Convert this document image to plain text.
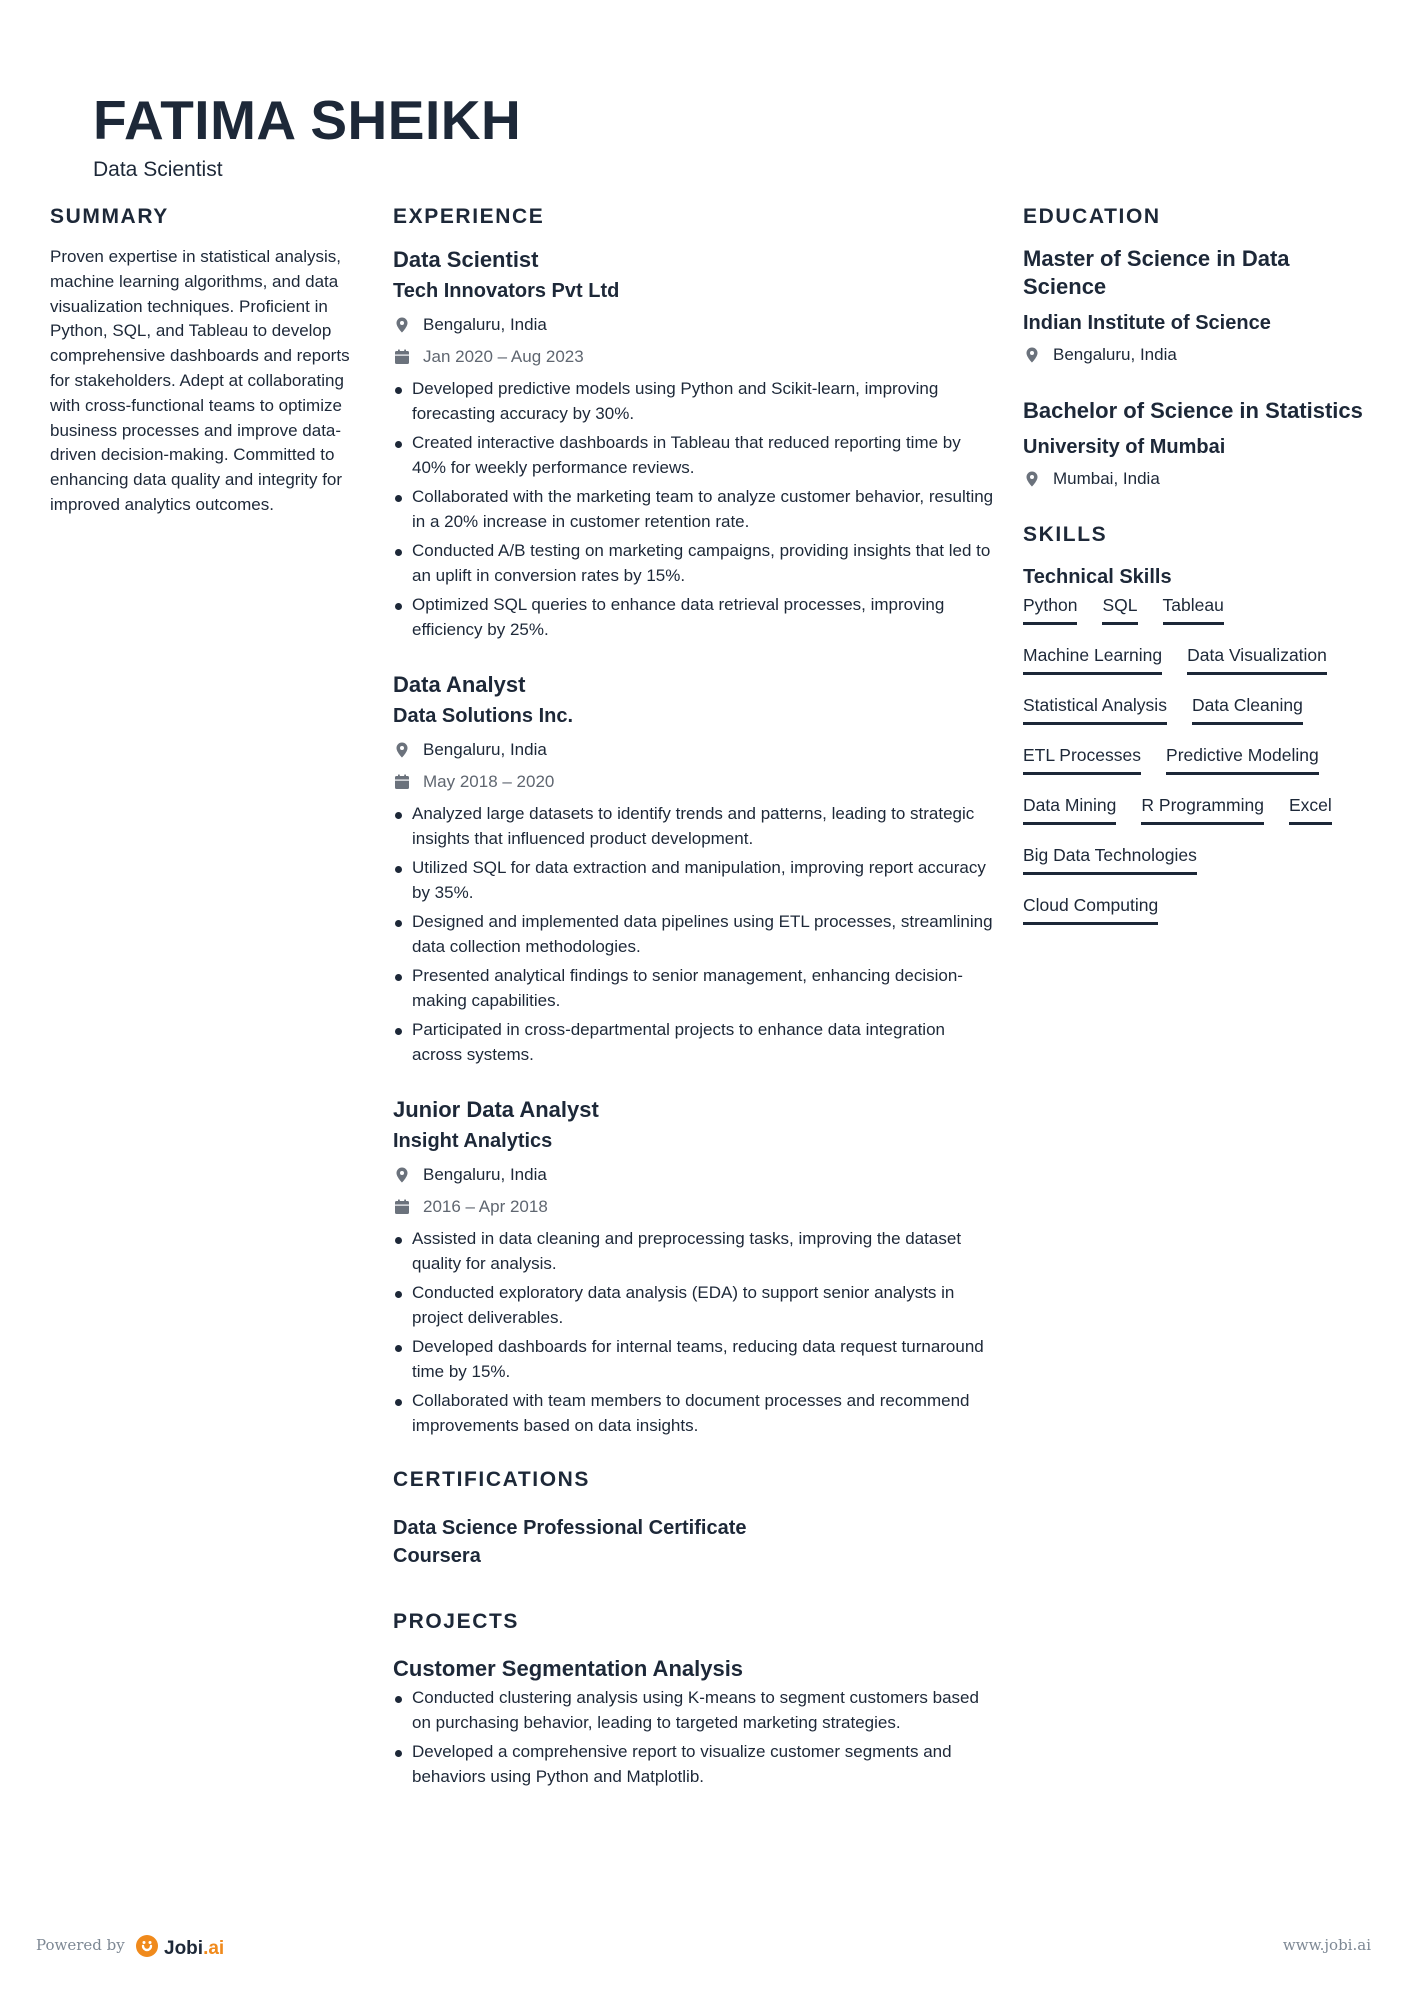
FATIMA SHEIKH
Data Scientist
SUMMARY

Proven expertise in statistical analysis, machine learning algorithms, and data visualization techniques. Proficient in Python, SQL, and Tableau to develop comprehensive dashboards and reports for stakeholders. Adept at collaborating with cross-functional teams to optimize business processes and improve data-driven decision-making. Committed to enhancing data quality and integrity for improved analytics outcomes.

EXPERIENCE

Data Scientist

Tech Innovators Pvt Ltd

Bengaluru, India
Jan 2020 – Aug 2023
Developed predictive models using Python and Scikit-learn, improving forecasting accuracy by 30%.
Created interactive dashboards in Tableau that reduced reporting time by 40% for weekly performance reviews.
Collaborated with the marketing team to analyze customer behavior, resulting in a 20% increase in customer retention rate.
Conducted A/B testing on marketing campaigns, providing insights that led to an uplift in conversion rates by 15%.
Optimized SQL queries to enhance data retrieval processes, improving efficiency by 25%.

Data Analyst

Data Solutions Inc.

Bengaluru, India
May 2018 – 2020
Analyzed large datasets to identify trends and patterns, leading to strategic insights that influenced product development.
Utilized SQL for data extraction and manipulation, improving report accuracy by 35%.
Designed and implemented data pipelines using ETL processes, streamlining data collection methodologies.
Presented analytical findings to senior management, enhancing decision-making capabilities.
Participated in cross-departmental projects to enhance data integration across systems.

Junior Data Analyst

Insight Analytics

Bengaluru, India
2016 – Apr 2018
Assisted in data cleaning and preprocessing tasks, improving the dataset quality for analysis.
Conducted exploratory data analysis (EDA) to support senior analysts in project deliverables.
Developed dashboards for internal teams, reducing data request turnaround time by 15%.
Collaborated with team members to document processes and recommend improvements based on data insights.
CERTIFICATIONS

Data Science Professional Certificate

Coursera

PROJECTS

Customer Segmentation Analysis

Conducted clustering analysis using K-means to segment customers based on purchasing behavior, leading to targeted marketing strategies.
Developed a comprehensive report to visualize customer segments and behaviors using Python and Matplotlib.
EDUCATION

Master of Science in Data Science

Indian Institute of Science

Bengaluru, India

Bachelor of Science in Statistics

University of Mumbai

Mumbai, India
SKILLS

Technical Skills

Python SQL Tableau
Machine Learning Data Visualization
Statistical Analysis Data Cleaning
ETL Processes Predictive Modeling
Data Mining R Programming Excel
Big Data Technologies
Cloud Computing
Powered by Jobi.ai	www.jobi.ai
